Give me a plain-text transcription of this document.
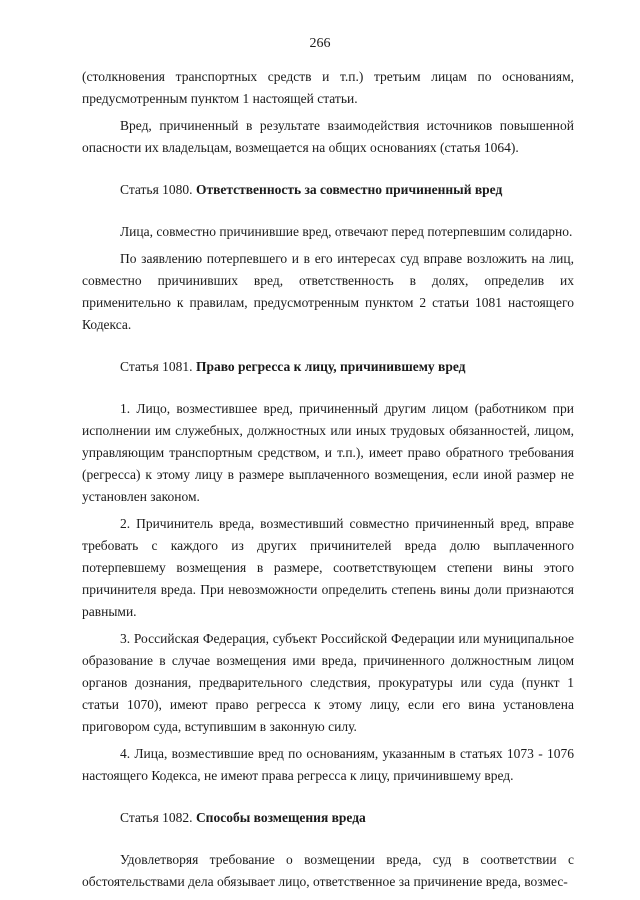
266

(столкновения транспортных средств и т.п.) третьим лицам по основаниям, предусмотренным пунктом 1 настоящей статьи.

Вред, причиненный в результате взаимодействия источников повышенной опасности их владельцам, возмещается на общих основаниях (статья 1064).

Статья 1080. Ответственность за совместно причиненный вред

Лица, совместно причинившие вред, отвечают перед потерпевшим солидарно.

По заявлению потерпевшего и в его интересах суд вправе возложить на лиц, совместно причинивших вред, ответственность в долях, определив их применительно к правилам, предусмотренным пунктом 2 статьи 1081 настоящего Кодекса.

Статья 1081. Право регресса к лицу, причинившему вред

1. Лицо, возместившее вред, причиненный другим лицом (работником при исполнении им служебных, должностных или иных трудовых обязанностей, лицом, управляющим транспортным средством, и т.п.), имеет право обратного требования (регресса) к этому лицу в размере выплаченного возмещения, если иной размер не установлен законом.

2. Причинитель вреда, возместивший совместно причиненный вред, вправе требовать с каждого из других причинителей вреда долю выплаченного потерпевшему возмещения в размере, соответствующем степени вины этого причинителя вреда. При невозможности определить степень вины доли признаются равными.

3. Российская Федерация, субъект Российской Федерации или муниципальное образование в случае возмещения ими вреда, причиненного должностным лицом органов дознания, предварительного следствия, прокуратуры или суда (пункт 1 статьи 1070), имеют право регресса к этому лицу, если его вина установлена приговором суда, вступившим в законную силу.

4. Лица, возместившие вред по основаниям, указанным в статьях 1073 - 1076 настоящего Кодекса, не имеют права регресса к лицу, причинившему вред.

Статья 1082. Способы возмещения вреда

Удовлетворяя требование о возмещении вреда, суд в соответствии с обстоятельствами дела обязывает лицо, ответственное за причинение вреда, возмес-
